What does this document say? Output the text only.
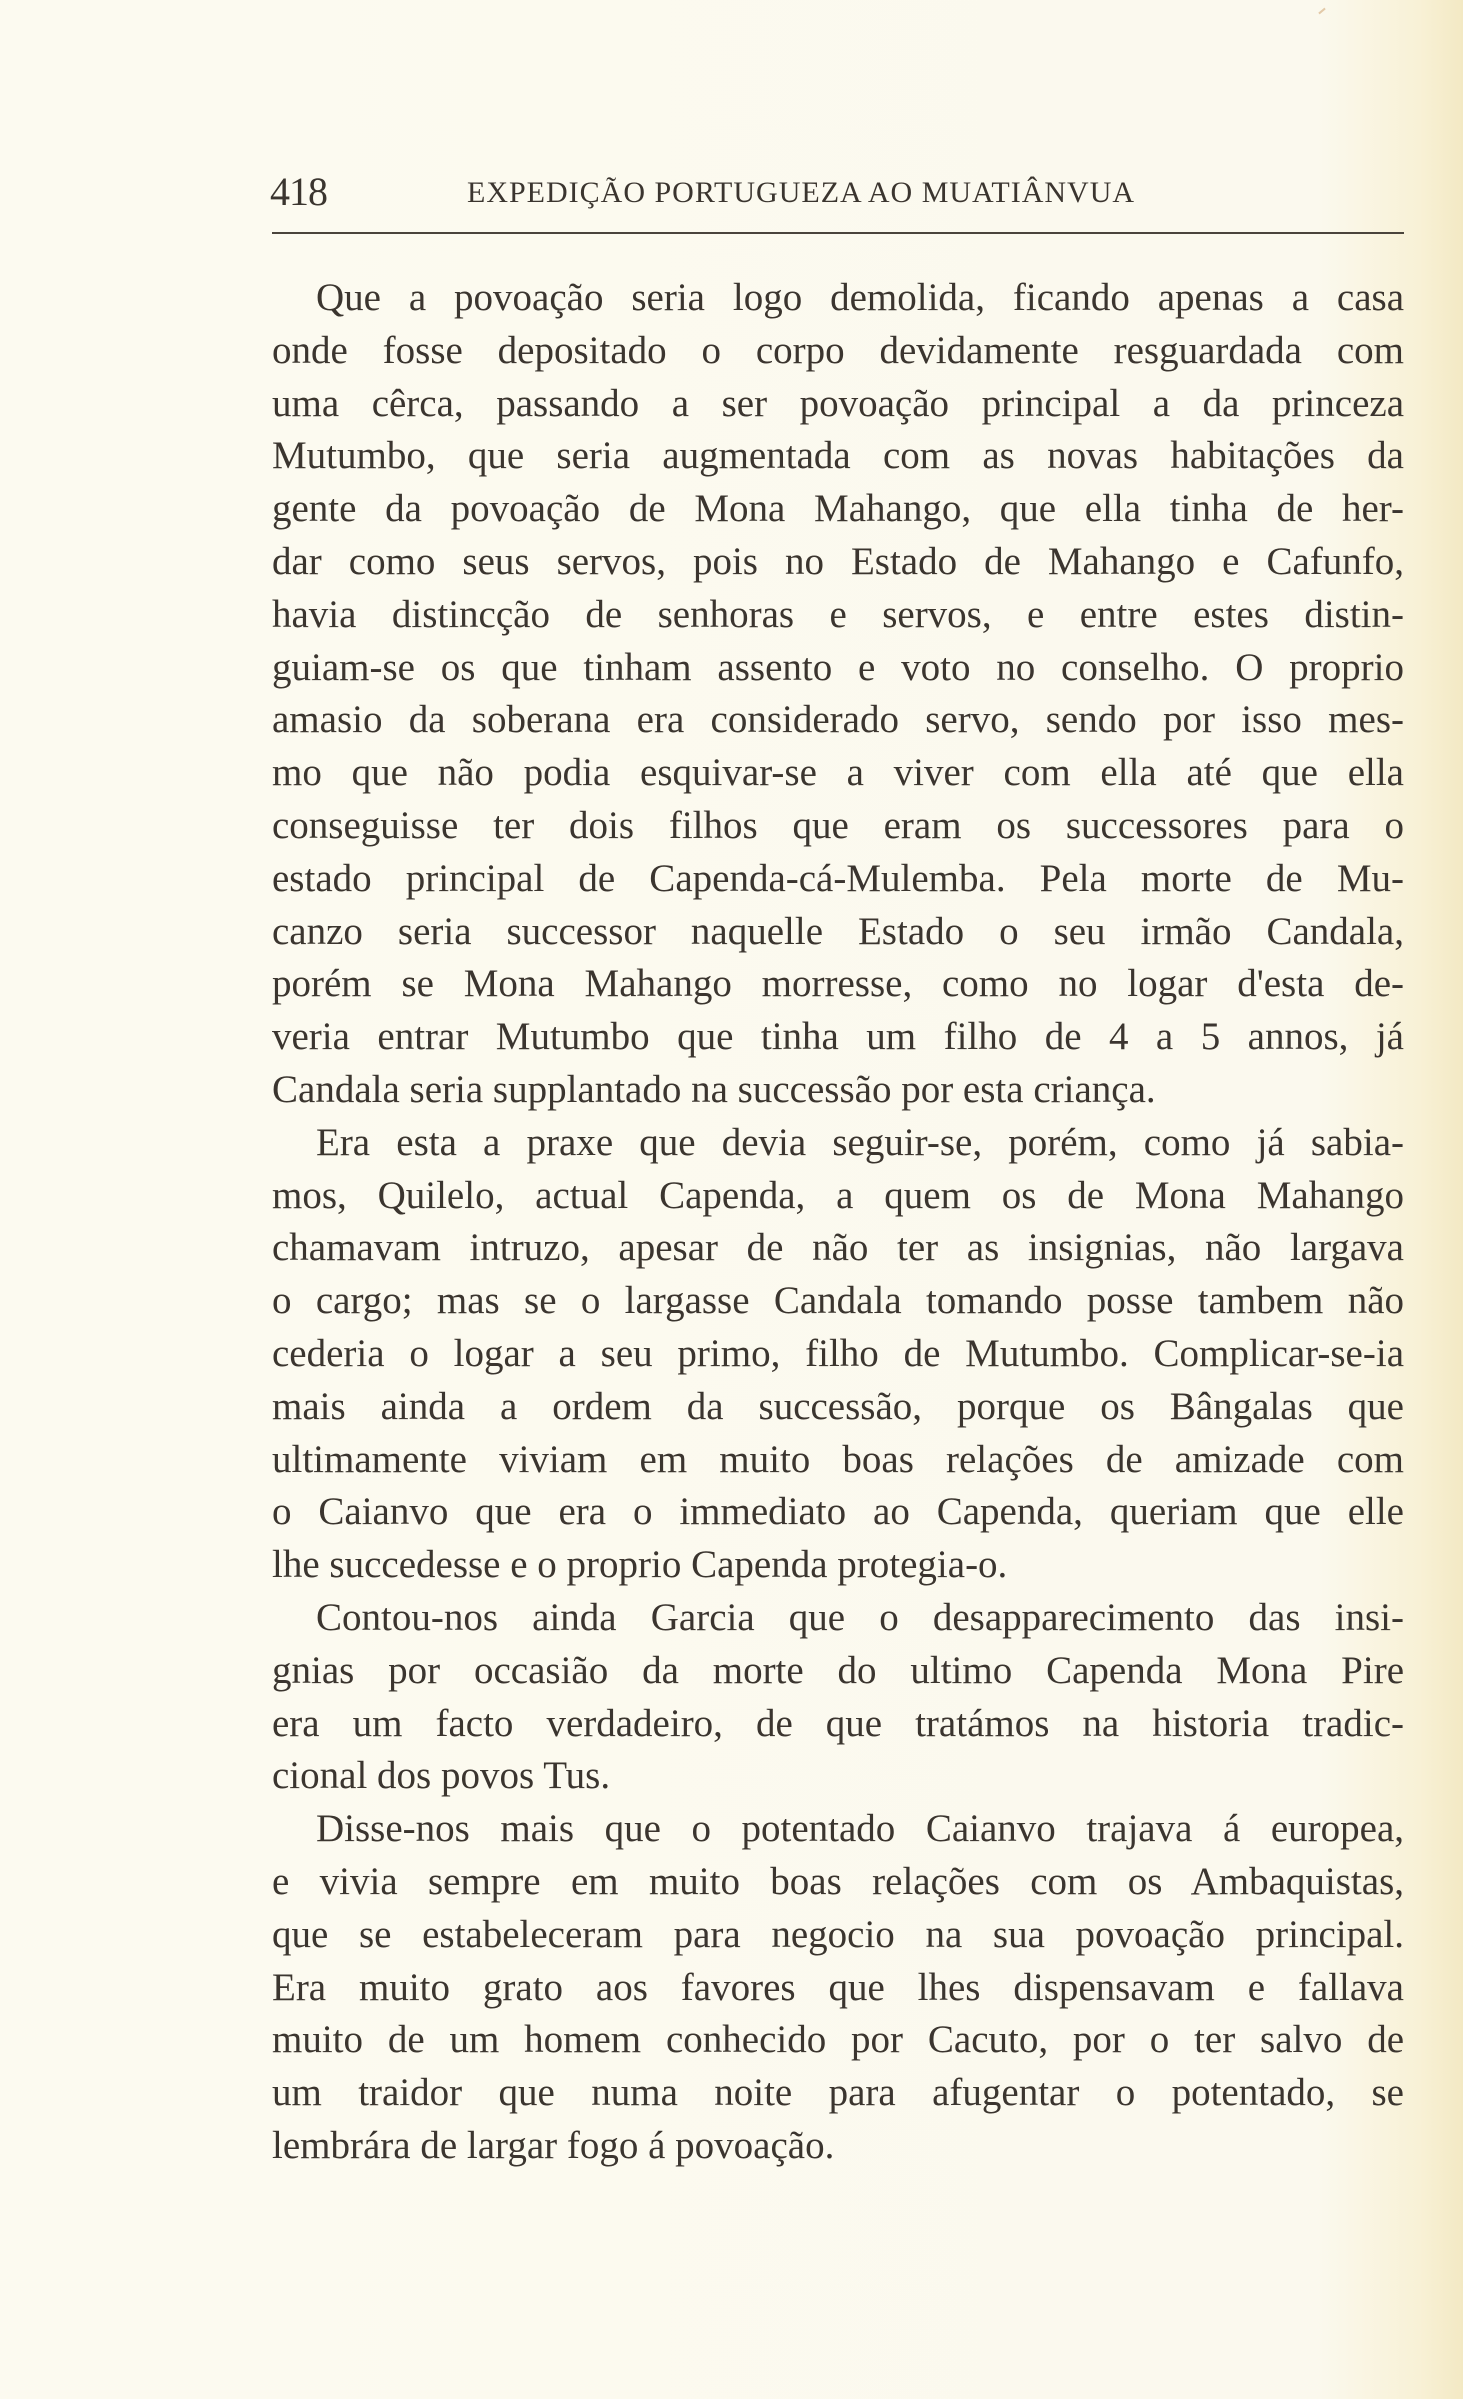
418	EXPEDIÇÃO PORTUGUEZA AO MUATIÂNVUA
Que a povoação seria logo demolida, ficando apenas a casa
onde fosse depositado o corpo devidamente resguardada com
uma cêrca, passando a ser povoação principal a da princeza
Mutumbo, que seria augmentada com as novas habitações da
gente da povoação de Mona Mahango, que ella tinha de her-
dar como seus servos, pois no Estado de Mahango e Cafunfo,
havia distincção de senhoras e servos, e entre estes distin-
guiam-se os que tinham assento e voto no conselho. O proprio
amasio da soberana era considerado servo, sendo por isso mes-
mo que não podia esquivar-se a viver com ella até que ella
conseguisse ter dois filhos que eram os successores para o
estado principal de Capenda-cá-Mulemba. Pela morte de Mu-
canzo seria successor naquelle Estado o seu irmão Candala,
porém se Mona Mahango morresse, como no logar d'esta de-
veria entrar Mutumbo que tinha um filho de 4 a 5 annos, já
Candala seria supplantado na successão por esta criança.
Era esta a praxe que devia seguir-se, porém, como já sabia-
mos, Quilelo, actual Capenda, a quem os de Mona Mahango
chamavam intruzo, apesar de não ter as insignias, não largava
o cargo; mas se o largasse Candala tomando posse tambem não
cederia o logar a seu primo, filho de Mutumbo. Complicar-se-ia
mais ainda a ordem da successão, porque os Bângalas que
ultimamente viviam em muito boas relações de amizade com
o Caianvo que era o immediato ao Capenda, queriam que elle
lhe succedesse e o proprio Capenda protegia-o.
Contou-nos ainda Garcia que o desapparecimento das insi-
gnias por occasião da morte do ultimo Capenda Mona Pire
era um facto verdadeiro, de que tratámos na historia tradic-
cional dos povos Tus.
Disse-nos mais que o potentado Caianvo trajava á europea,
e vivia sempre em muito boas relações com os Ambaquistas,
que se estabeleceram para negocio na sua povoação principal.
Era muito grato aos favores que lhes dispensavam e fallava
muito de um homem conhecido por Cacuto, por o ter salvo de
um traidor que numa noite para afugentar o potentado, se
lembrára de largar fogo á povoação.
